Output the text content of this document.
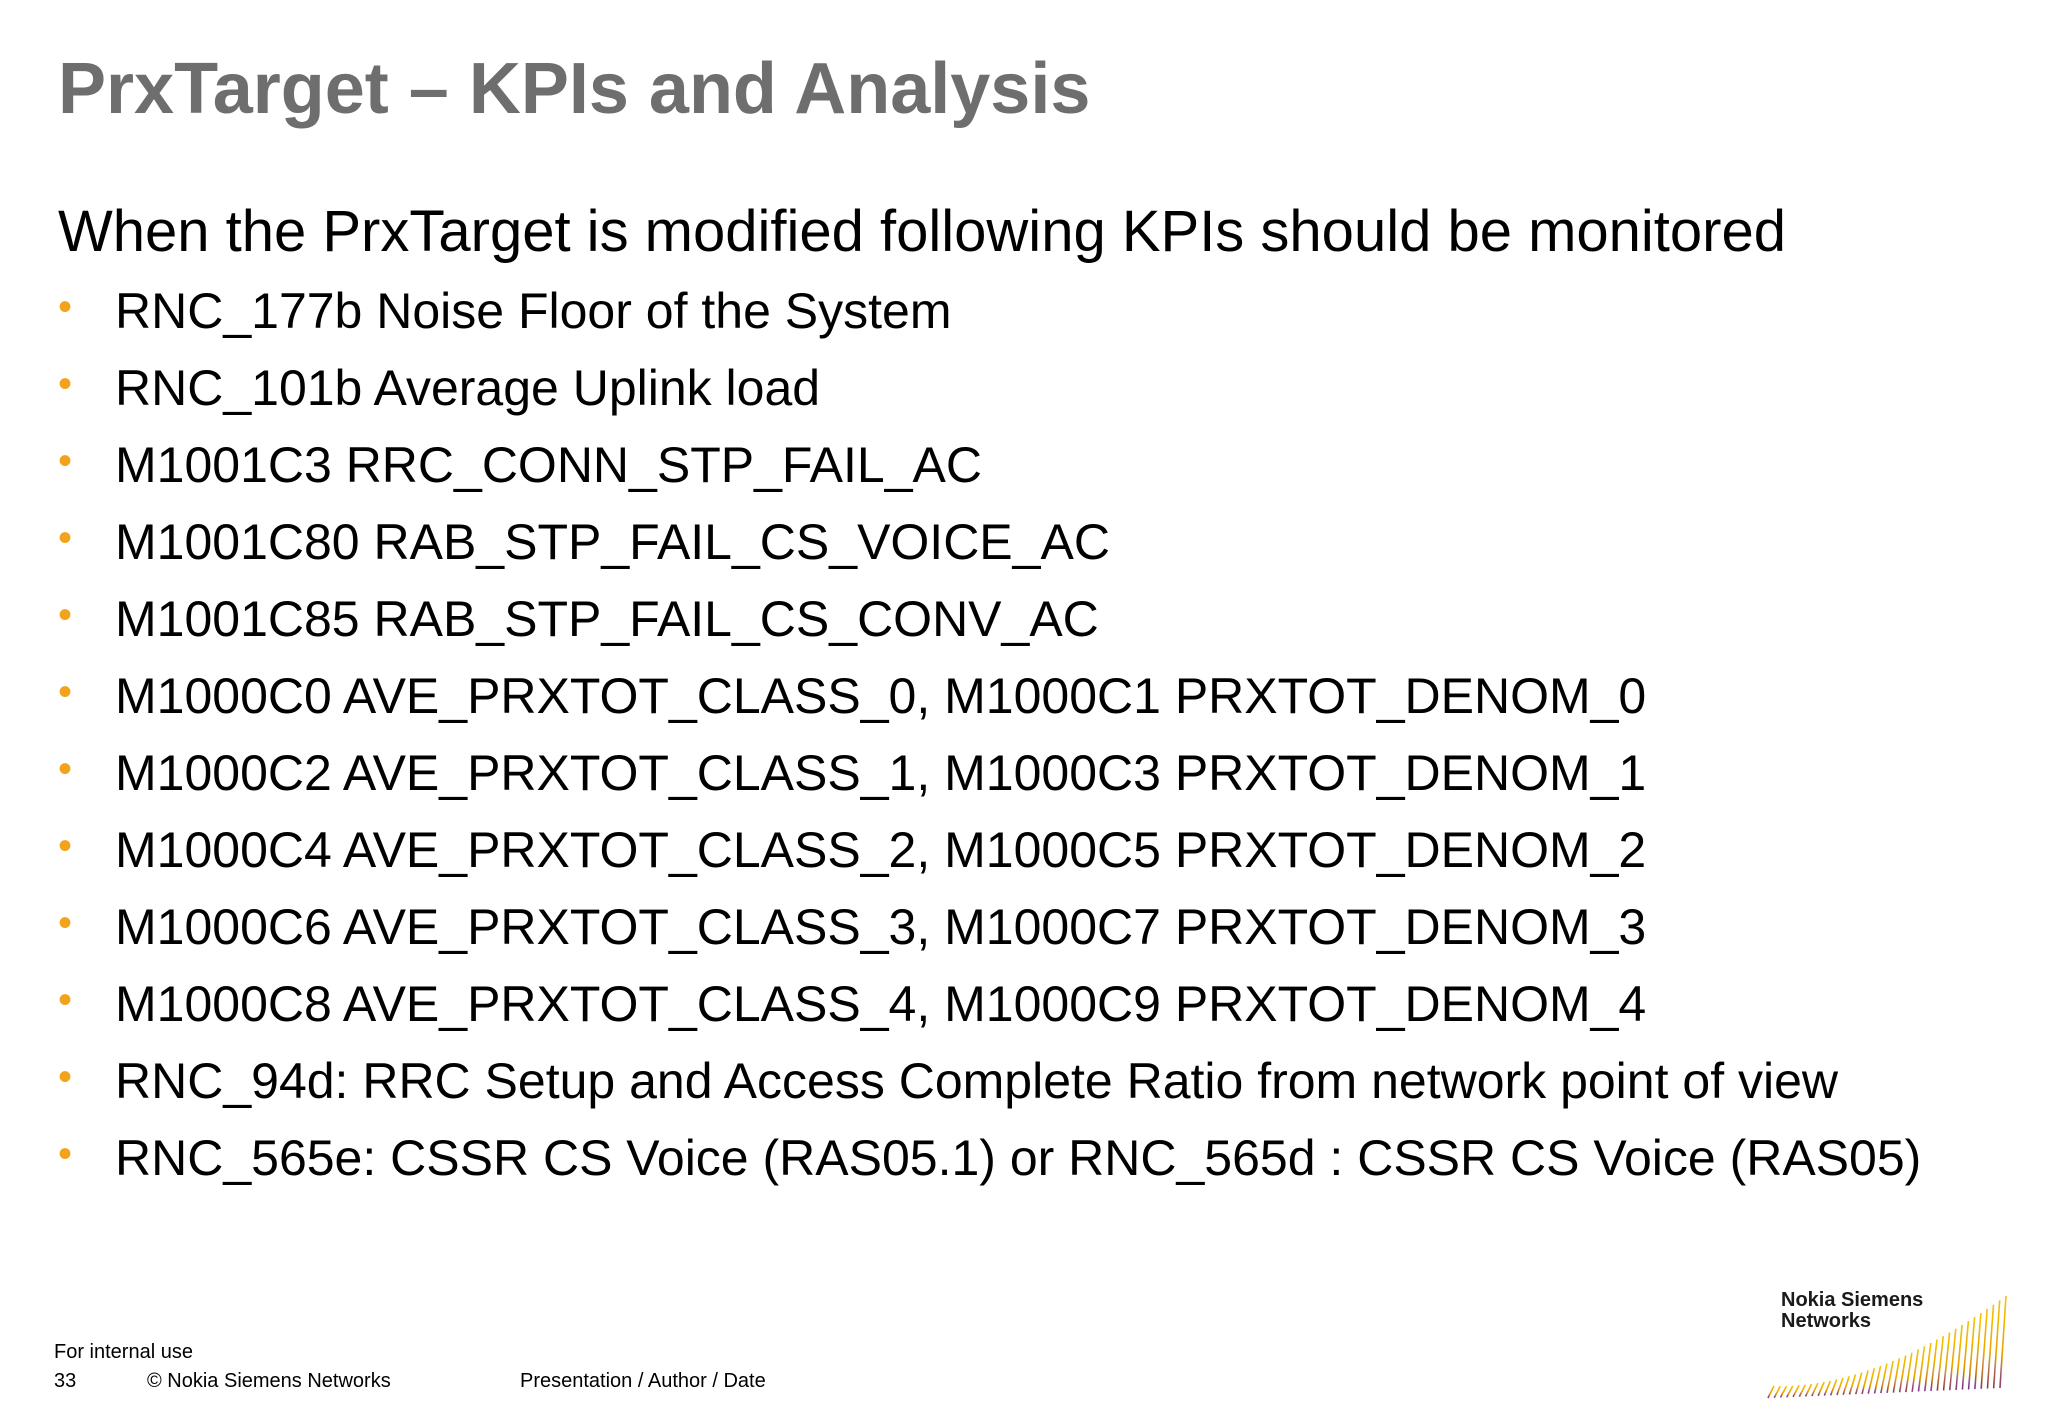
PrxTarget – KPIs and Analysis

When the PrxTarget is modified following KPIs should be monitored

• RNC_177b Noise Floor of the System
• RNC_101b Average Uplink load
• M1001C3 RRC_CONN_STP_FAIL_AC
• M1001C80 RAB_STP_FAIL_CS_VOICE_AC
• M1001C85 RAB_STP_FAIL_CS_CONV_AC
• M1000C0 AVE_PRXTOT_CLASS_0, M1000C1 PRXTOT_DENOM_0
• M1000C2 AVE_PRXTOT_CLASS_1, M1000C3 PRXTOT_DENOM_1
• M1000C4 AVE_PRXTOT_CLASS_2, M1000C5 PRXTOT_DENOM_2
• M1000C6 AVE_PRXTOT_CLASS_3, M1000C7 PRXTOT_DENOM_3
• M1000C8 AVE_PRXTOT_CLASS_4, M1000C9 PRXTOT_DENOM_4
• RNC_94d: RRC Setup and Access Complete Ratio from network point of view
• RNC_565e: CSSR CS Voice (RAS05.1) or RNC_565d : CSSR CS Voice (RAS05)
For internal use
33	© Nokia Siemens Networks	Presentation / Author / Date
Nokia Siemens
Networks
